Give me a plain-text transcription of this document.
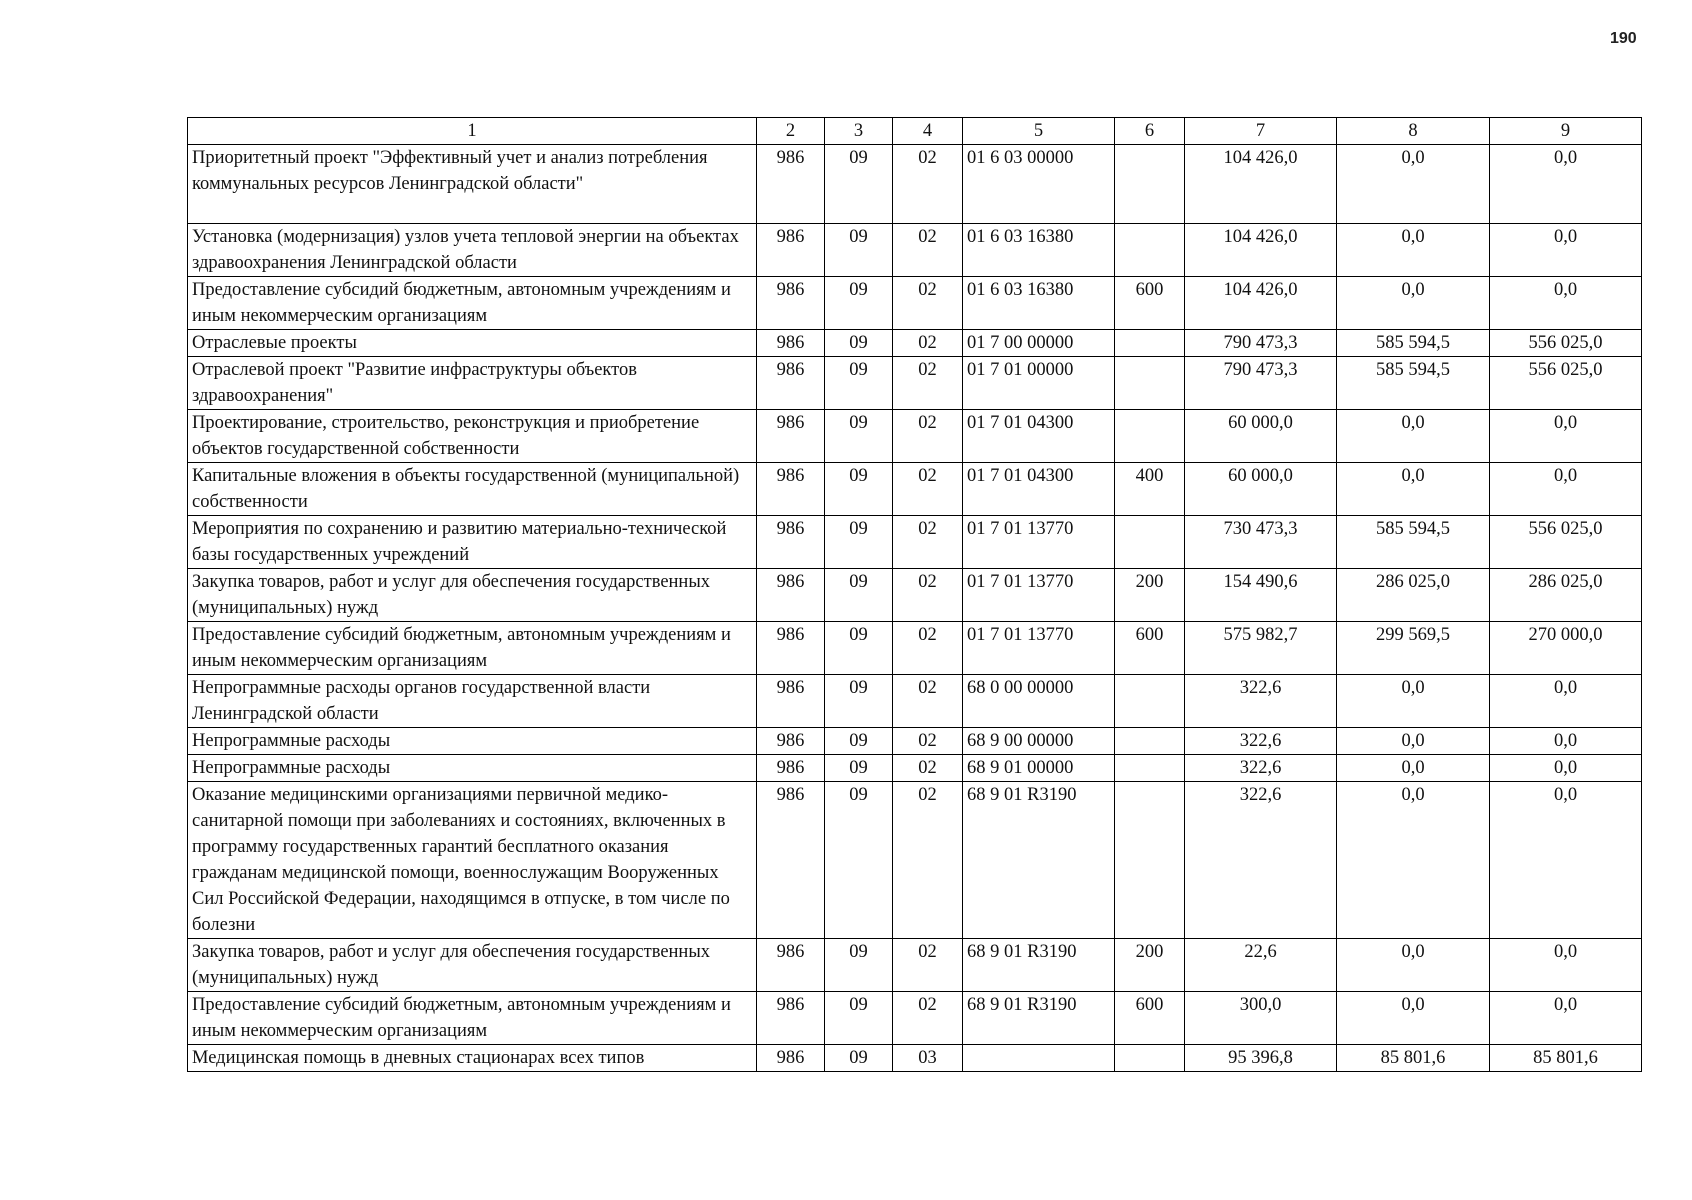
190
1	2	3	4	5	6	7	8	9
Приоритетный проект "Эффективный учет и анализ потребления коммунальных ресурсов Ленинградской области"	986	09	02	01 6 03 00000		104 426,0	0,0	0,0
Установка (модернизация) узлов учета тепловой энергии на объектах здравоохранения Ленинградской области	986	09	02	01 6 03 16380		104 426,0	0,0	0,0
Предоставление субсидий бюджетным, автономным учреждениям и иным некоммерческим организациям	986	09	02	01 6 03 16380	600	104 426,0	0,0	0,0
Отраслевые проекты	986	09	02	01 7 00 00000		790 473,3	585 594,5	556 025,0
Отраслевой проект "Развитие инфраструктуры объектов здравоохранения"	986	09	02	01 7 01 00000		790 473,3	585 594,5	556 025,0
Проектирование, строительство, реконструкция и приобретение объектов государственной собственности	986	09	02	01 7 01 04300		60 000,0	0,0	0,0
Капитальные вложения в объекты государственной (муниципальной) собственности	986	09	02	01 7 01 04300	400	60 000,0	0,0	0,0
Мероприятия по сохранению и развитию материально-технической базы государственных учреждений	986	09	02	01 7 01 13770		730 473,3	585 594,5	556 025,0
Закупка товаров, работ и услуг для обеспечения государственных (муниципальных) нужд	986	09	02	01 7 01 13770	200	154 490,6	286 025,0	286 025,0
Предоставление субсидий бюджетным, автономным учреждениям и иным некоммерческим организациям	986	09	02	01 7 01 13770	600	575 982,7	299 569,5	270 000,0
Непрограммные расходы органов государственной власти Ленинградской области	986	09	02	68 0 00 00000		322,6	0,0	0,0
Непрограммные расходы	986	09	02	68 9 00 00000		322,6	0,0	0,0
Непрограммные расходы	986	09	02	68 9 01 00000		322,6	0,0	0,0
Оказание медицинскими организациями первичной медико-санитарной помощи при заболеваниях и состояниях, включенных в программу государственных гарантий бесплатного оказания гражданам медицинской помощи, военнослужащим Вооруженных Сил Российской Федерации, находящимся в отпуске, в том числе по болезни	986	09	02	68 9 01 R3190		322,6	0,0	0,0
Закупка товаров, работ и услуг для обеспечения государственных (муниципальных) нужд	986	09	02	68 9 01 R3190	200	22,6	0,0	0,0
Предоставление субсидий бюджетным, автономным учреждениям и иным некоммерческим организациям	986	09	02	68 9 01 R3190	600	300,0	0,0	0,0
Медицинская помощь в дневных стационарах всех типов	986	09	03			95 396,8	85 801,6	85 801,6
